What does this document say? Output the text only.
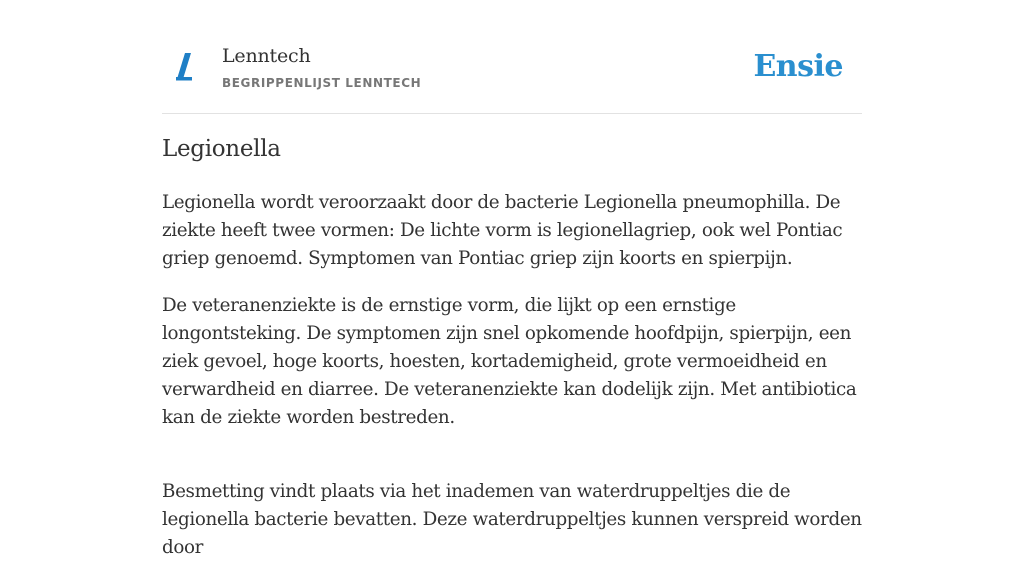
Lenntech
BEGRIPPENLIJST LENNTECH	Ensie
Legionella

Legionella wordt veroorzaakt door de bacterie Legionella pneumophilla. De ziekte heeft twee vormen: De lichte vorm is legionellagriep, ook wel Pontiac griep genoemd. Symptomen van Pontiac griep zijn koorts en spierpijn.

De veteranenziekte is de ernstige vorm, die lijkt op een ernstige longontsteking. De symptomen zijn snel opkomende hoofdpijn, spierpijn, een ziek gevoel, hoge koorts, hoesten, kortademigheid, grote vermoeidheid en verwardheid en diarree. De veteranenziekte kan dodelijk zijn. Met antibiotica kan de ziekte worden bestreden.

Besmetting vindt plaats via het inademen van waterdruppeltjes die de legionella bacterie bevatten. Deze waterdruppeltjes kunnen verspreid worden door
